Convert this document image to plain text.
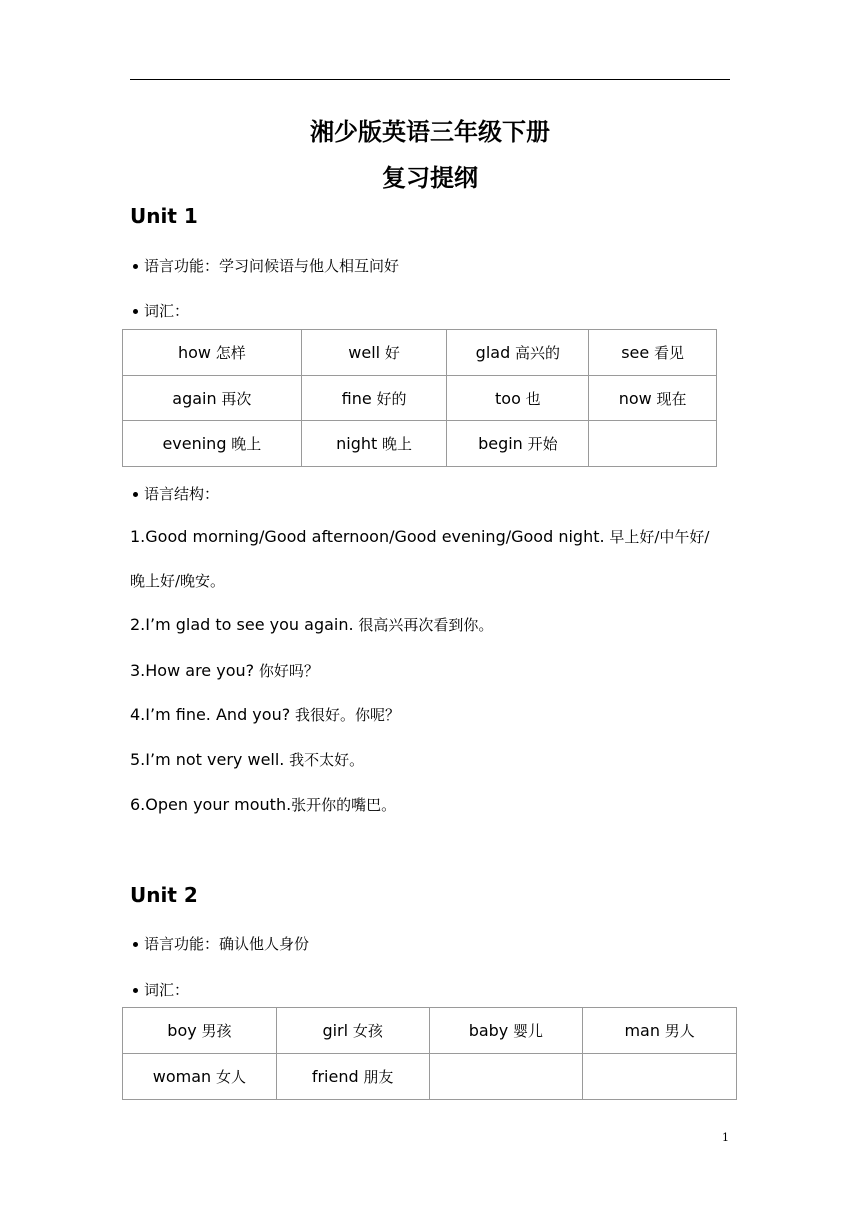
湘少版英语三年级下册
复习提纲
Unit 1
语言功能：学习问候语与他人相互问好
词汇：
how 怎样	well 好	glad 高兴的	see 看见
again 再次	fine 好的	too 也	now 现在
evening 晚上	night 晚上	begin 开始	
语言结构：
1.Good morning/Good afternoon/Good evening/Good night. 早上好/中午好/
晚上好/晚安。
2.I’m glad to see you again. 很高兴再次看到你。
3.How are you? 你好吗？
4.I’m fine. And you? 我很好。你呢？
5.I’m not very well. 我不太好。
6.Open your mouth.张开你的嘴巴。
Unit 2
语言功能：确认他人身份
词汇：
boy 男孩	girl 女孩	baby 婴儿	man 男人
woman 女人	friend 朋友		
1
